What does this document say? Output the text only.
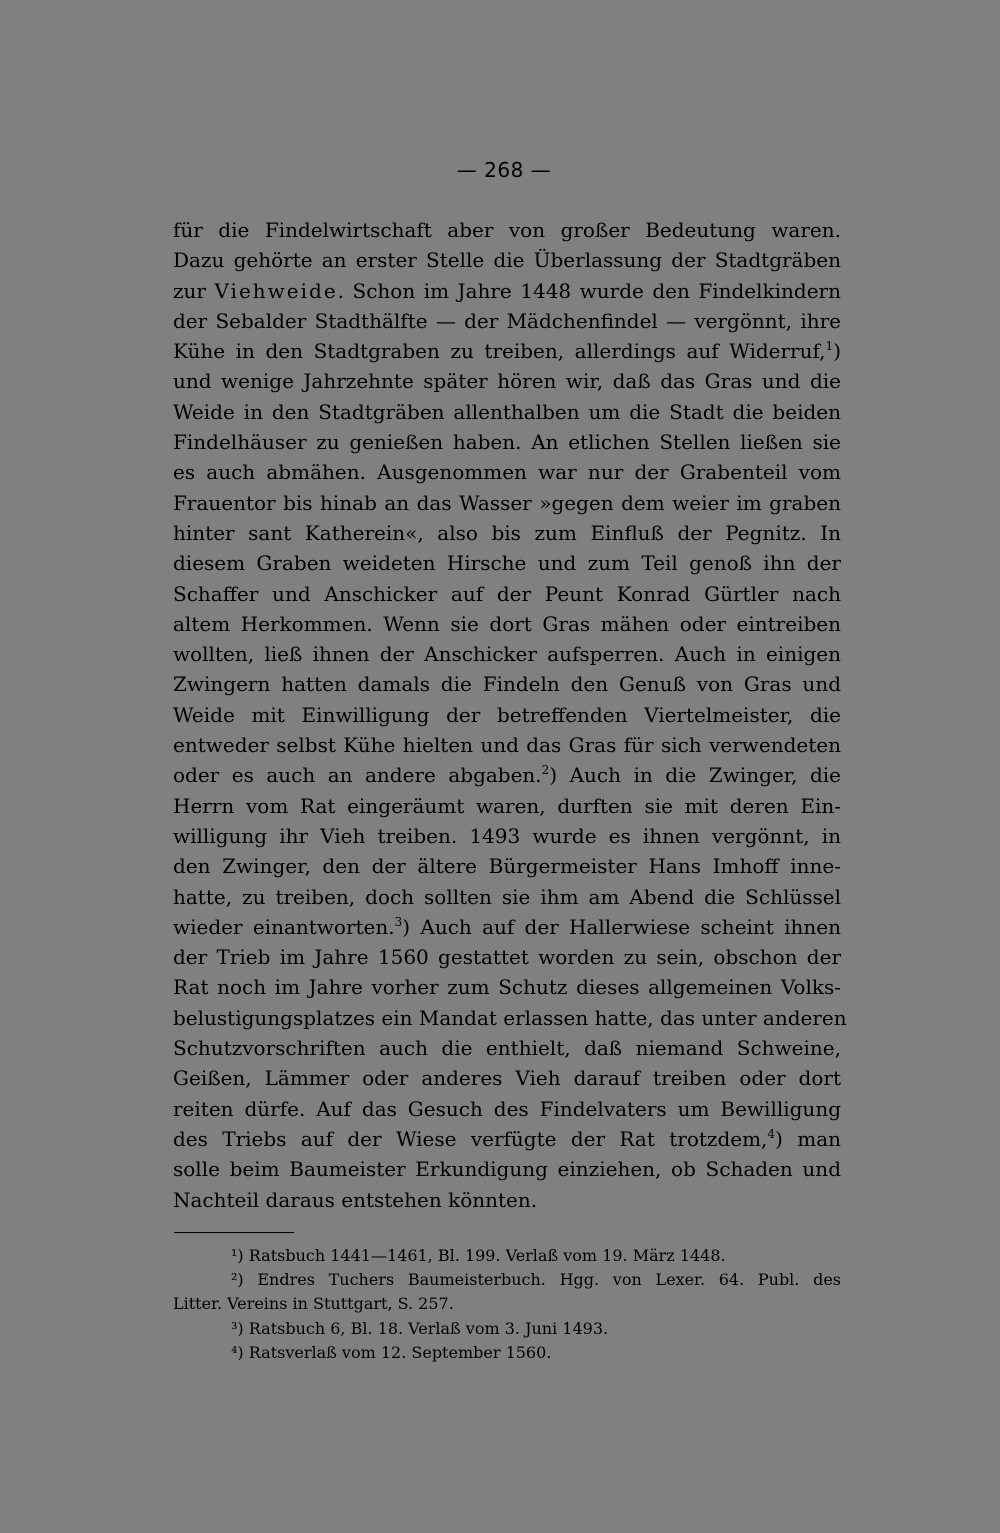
— 268 —
für die Findelwirtschaft aber von großer Bedeutung waren.
Dazu gehörte an erster Stelle die Überlassung der Stadtgräben
zur Viehweide. Schon im Jahre 1448 wurde den Findelkindern
der Sebalder Stadthälfte — der Mädchenfindel — vergönnt, ihre
Kühe in den Stadtgraben zu treiben, allerdings auf Widerruf,$^1$)
und wenige Jahrzehnte später hören wir, daß das Gras und die
Weide in den Stadtgräben allenthalben um die Stadt die beiden
Findelhäuser zu genießen haben. An etlichen Stellen ließen sie
es auch abmähen. Ausgenommen war nur der Grabenteil vom
Frauentor bis hinab an das Wasser »gegen dem weier im graben
hinter sant Katherein«, also bis zum Einfluß der Pegnitz. In
diesem Graben weideten Hirsche und zum Teil genoß ihn der
Schaffer und Anschicker auf der Peunt Konrad Gürtler nach
altem Herkommen. Wenn sie dort Gras mähen oder eintreiben
wollten, ließ ihnen der Anschicker aufsperren. Auch in einigen
Zwingern hatten damals die Findeln den Genuß von Gras und
Weide mit Einwilligung der betreffenden Viertelmeister, die
entweder selbst Kühe hielten und das Gras für sich verwendeten
oder es auch an andere abgaben.$^2$) Auch in die Zwinger, die
Herrn vom Rat eingeräumt waren, durften sie mit deren Ein-
willigung ihr Vieh treiben. 1493 wurde es ihnen vergönnt, in
den Zwinger, den der ältere Bürgermeister Hans Imhoff inne-
hatte, zu treiben, doch sollten sie ihm am Abend die Schlüssel
wieder einantworten.$^3$) Auch auf der Hallerwiese scheint ihnen
der Trieb im Jahre 1560 gestattet worden zu sein, obschon der
Rat noch im Jahre vorher zum Schutz dieses allgemeinen Volks-
belustigungsplatzes ein Mandat erlassen hatte, das unter anderen
Schutzvorschriften auch die enthielt, daß niemand Schweine,
Geißen, Lämmer oder anderes Vieh darauf treiben oder dort
reiten dürfe. Auf das Gesuch des Findelvaters um Bewilligung
des Triebs auf der Wiese verfügte der Rat trotzdem,$^4$) man
solle beim Baumeister Erkundigung einziehen, ob Schaden und
Nachteil daraus entstehen könnten.
¹) Ratsbuch 1441—1461, Bl. 199. Verlaß vom 19. März 1448.
²) Endres Tuchers Baumeisterbuch. Hgg. von Lexer. 64. Publ. des
Litter. Vereins in Stuttgart, S. 257.
³) Ratsbuch 6, Bl. 18. Verlaß vom 3. Juni 1493.
⁴) Ratsverlaß vom 12. September 1560.
